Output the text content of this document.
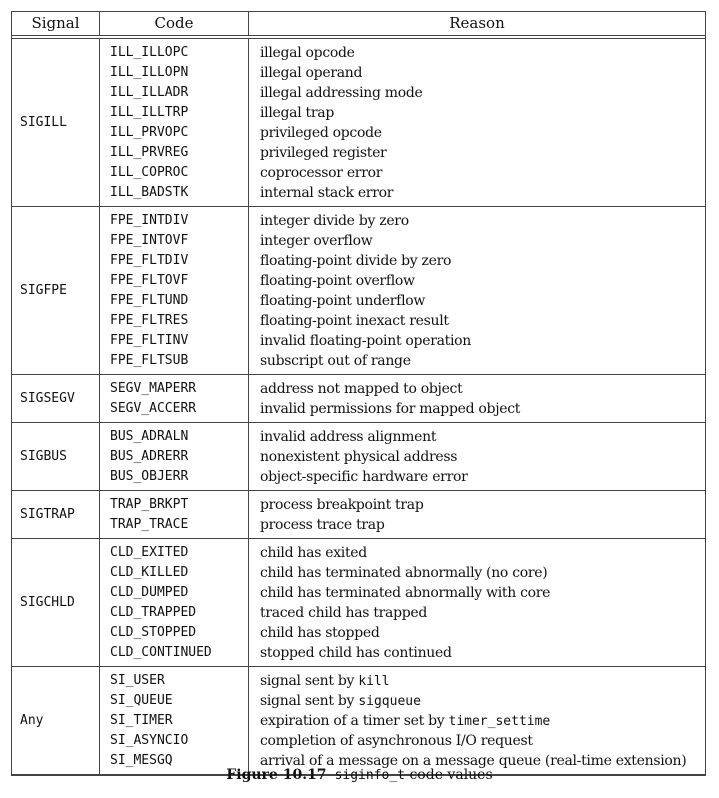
Signal	Code	Reason
SIGILL
ILL_ILLOPC
ILL_ILLOPN
ILL_ILLADR
ILL_ILLTRP
ILL_PRVOPC
ILL_PRVREG
ILL_COPROC
ILL_BADSTK
illegal opcode
illegal operand
illegal addressing mode
illegal trap
privileged opcode
privileged register
coprocessor error
internal stack error
SIGFPE
FPE_INTDIV
FPE_INTOVF
FPE_FLTDIV
FPE_FLTOVF
FPE_FLTUND
FPE_FLTRES
FPE_FLTINV
FPE_FLTSUB
integer divide by zero
integer overflow
floating-point divide by zero
floating-point overflow
floating-point underflow
floating-point inexact result
invalid floating-point operation
subscript out of range
SIGSEGV
SEGV_MAPERR
SEGV_ACCERR
address not mapped to object
invalid permissions for mapped object
SIGBUS
BUS_ADRALN
BUS_ADRERR
BUS_OBJERR
invalid address alignment
nonexistent physical address
object-specific hardware error
SIGTRAP
TRAP_BRKPT
TRAP_TRACE
process breakpoint trap
process trace trap
SIGCHLD
CLD_EXITED
CLD_KILLED
CLD_DUMPED
CLD_TRAPPED
CLD_STOPPED
CLD_CONTINUED
child has exited
child has terminated abnormally (no core)
child has terminated abnormally with core
traced child has trapped
child has stopped
stopped child has continued
Any
SI_USER
SI_QUEUE
SI_TIMER
SI_ASYNCIO
SI_MESGQ
signal sent by kill
signal sent by sigqueue
expiration of a timer set by timer_settime
completion of asynchronous I/O request
arrival of a message on a message queue (real-time extension)
Figure 10.17 siginfo_t code values
